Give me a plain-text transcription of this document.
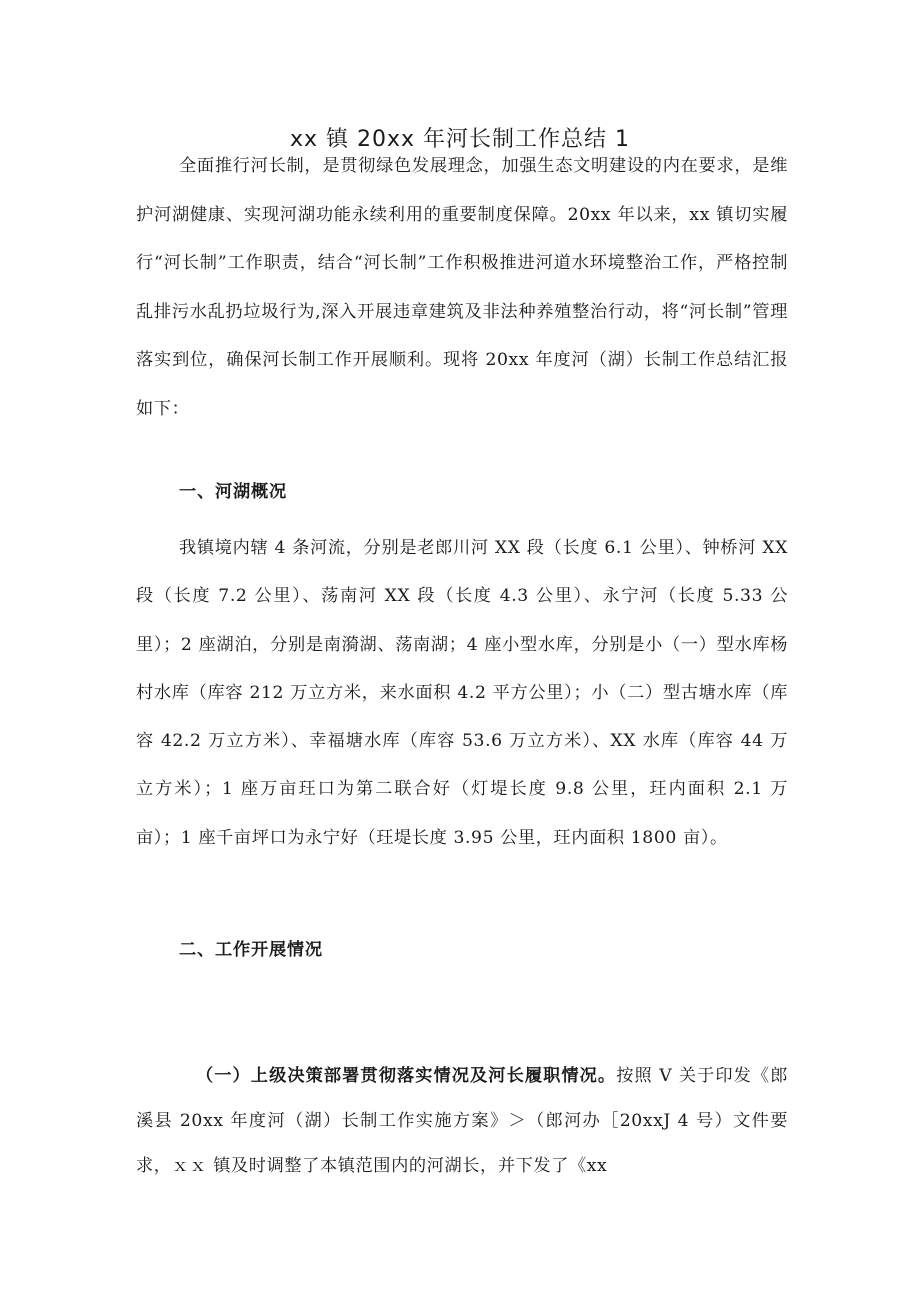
xx 镇 20xx 年河长制工作总结 1

全面推行河长制，是贯彻绿色发展理念，加强生态文明建设的内在要求，是维护河湖健康、实现河湖功能永续利用的重要制度保障。20xx 年以来，xx 镇切实履行“河长制”工作职责，结合“河长制”工作积极推进河道水环境整治工作，严格控制乱排污水乱扔垃圾行为,深入开展违章建筑及非法种养殖整治行动，将“河长制”管理落实到位，确保河长制工作开展顺利。现将 20xx 年度河（湖）长制工作总结汇报如下：

一、河湖概况

我镇境内辖 4 条河流，分别是老郎川河 XX 段（长度 6.1 公里）、钟桥河 XX 段（长度 7.2 公里）、荡南河 XX 段（长度 4.3 公里）、永宁河（长度 5.33 公里）；2 座湖泊，分别是南漪湖、荡南湖；4 座小型水库，分别是小（一）型水库杨村水库（库容 212 万立方米，来水面积 4.2 平方公里）；小（二）型古塘水库（库容 42.2 万立方米）、幸福塘水库（库容 53.6 万立方米）、XX 水库（库容 44 万立方米）；1 座万亩玨口为第二联合好（灯堤长度 9.8 公里，玨内面积 2.1 万亩）；1 座千亩坪口为永宁好（玨堤长度 3.95 公里，玨内面积 1800 亩）。

二、工作开展情况

（一）上级决策部署贯彻落实情况及河长履职情况。按照 V 关于印发《郎溪县 20xx 年度河（湖）长制工作实施方案》＞（郎河办［20xxJ 4 号）文件要求，ｘｘ 镇及时调整了本镇范围内的河湖长，并下发了《xx
